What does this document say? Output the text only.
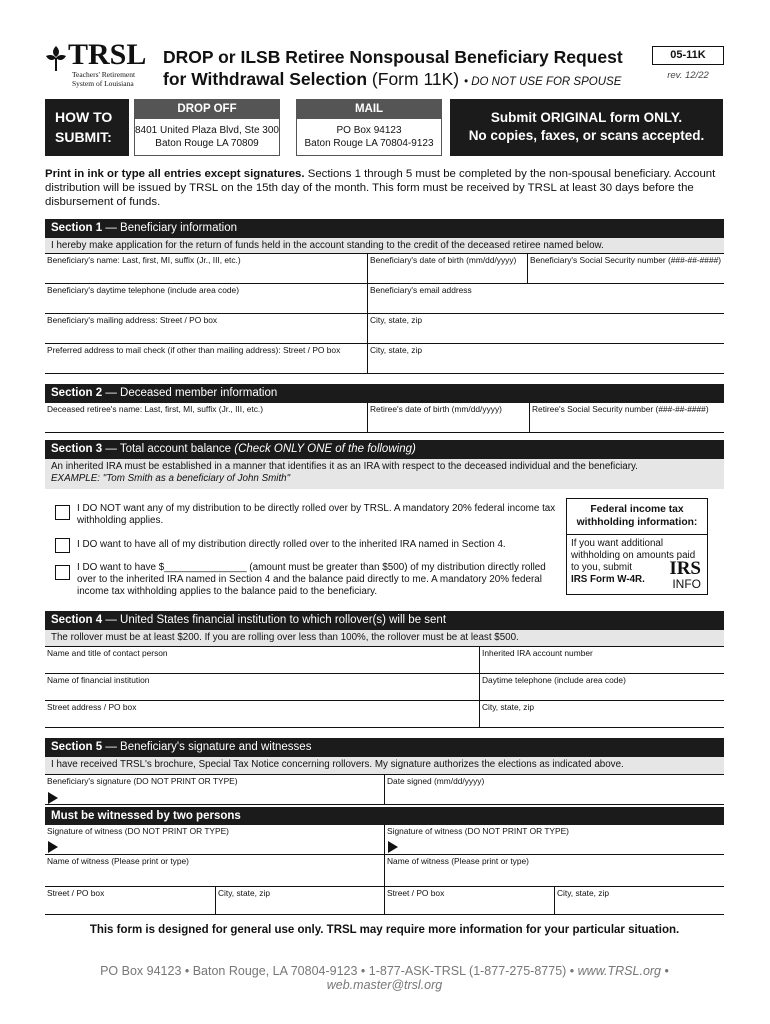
TRSL
Teachers' Retirement
System of Louisiana
DROP or ILSB Retiree Nonspousal Beneficiary Request
for Withdrawal Selection (Form 11K) • DO NOT USE FOR SPOUSE
05-11K
rev. 12/22
HOW TO
SUBMIT:
DROP OFF
8401 United Plaza Blvd, Ste 300
Baton Rouge LA 70809
MAIL
PO Box 94123
Baton Rouge LA 70804-9123
Submit ORIGINAL form ONLY.
No copies, faxes, or scans accepted.
Print in ink or type all entries except signatures. Sections 1 through 5 must be completed by the non-spousal beneficiary. Account distribution will be issued by TRSL on the 15th day of the month. This form must be received by TRSL at least 30 days before the disbursement of funds.
Section 1 — Beneficiary information
I hereby make application for the return of funds held in the account standing to the credit of the deceased retiree named below.
Beneficiary's name: Last, first, MI, suffix (Jr., III, etc.)	Beneficiary's date of birth (mm/dd/yyyy)	Beneficiary's Social Security number (###-##-####)
Beneficiary's daytime telephone (include area code)	Beneficiary's email address
Beneficiary's mailing address: Street / PO box	City, state, zip
Preferred address to mail check (if other than mailing address): Street / PO box	City, state, zip
Section 2 — Deceased member information
Deceased retiree's name: Last, first, MI, suffix (Jr., III, etc.)	Retiree's date of birth (mm/dd/yyyy)	Retiree's Social Security number (###-##-####)
Section 3 — Total account balance (Check ONLY ONE of the following)
An inherited IRA must be established in a manner that identifies it as an IRA with respect to the deceased individual and the beneficiary.
EXAMPLE: "Tom Smith as a beneficiary of John Smith"
I DO NOT want any of my distribution to be directly rolled over by TRSL. A mandatory 20% federal income tax withholding applies.
I DO want to have all of my distribution directly rolled over to the inherited IRA named in Section 4.
I DO want to have $_______________ (amount must be greater than $500) of my distribution directly rolled over to the inherited IRA named in Section 4 and the balance paid directly to me. A mandatory 20% federal income tax withholding applies to the balance paid to the beneficiary.
Federal income tax
withholding information:
If you want additional withholding on amounts paid to you, submit
IRS Form W-4R.
IRS
INFO
Section 4 — United States financial institution to which rollover(s) will be sent
The rollover must be at least $200. If you are rolling over less than 100%, the rollover must be at least $500.
Name and title of contact person	Inherited IRA account number
Name of financial institution	Daytime telephone (include area code)
Street address / PO box	City, state, zip
Section 5 — Beneficiary's signature and witnesses
I have received TRSL's brochure, Special Tax Notice concerning rollovers. My signature authorizes the elections as indicated above.
Beneficiary's signature (DO NOT PRINT OR TYPE)	Date signed (mm/dd/yyyy)
Must be witnessed by two persons
Signature of witness (DO NOT PRINT OR TYPE)	Signature of witness (DO NOT PRINT OR TYPE)
Name of witness (Please print or type)	Name of witness (Please print or type)
Street / PO box	City, state, zip	Street / PO box	City, state, zip
This form is designed for general use only. TRSL may require more information for your particular situation.
PO Box 94123 • Baton Rouge, LA 70804-9123 • 1-877-ASK-TRSL (1-877-275-8775) • www.TRSL.org • web.master@trsl.org
